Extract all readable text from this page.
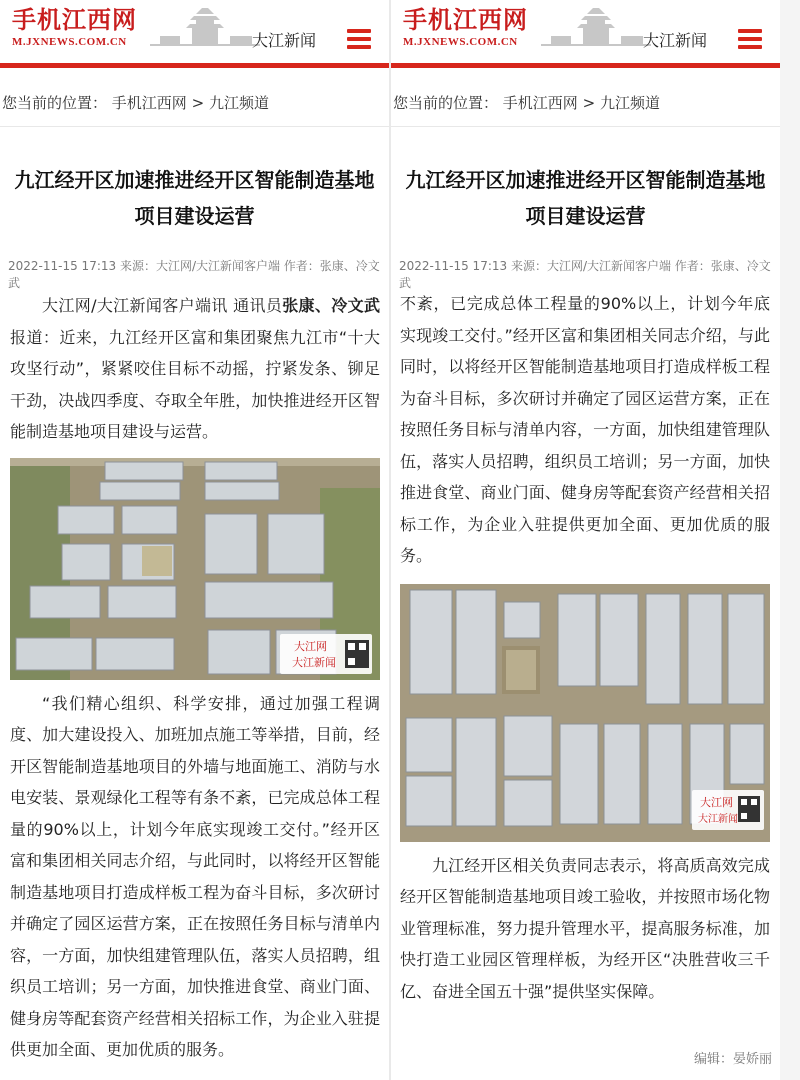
手机江西网
M.JXNEWS.COM.CN	大江新闻
您当前的位置： 手机江西网 > 九江频道
九江经开区加速推进经开区智能制造基地项目建设运营
2022-11-15 17:13 来源：大江网/大江新闻客户端 作者：张康、冷文武

大江网/大江新闻客户端讯 通讯员张康、冷文武报道：近来，九江经开区富和集团聚焦九江市“十大攻坚行动”，紧紧咬住目标不动摇，拧紧发条、铆足干劲，决战四季度、夺取全年胜，加快推进经开区智能制造基地项目建设与运营。

大江网
大江新闻

“我们精心组织、科学安排，通过加强工程调度、加大建设投入、加班加点施工等举措，目前，经开区智能制造基地项目的外墙与地面施工、消防与水电安装、景观绿化工程等有条不紊，已完成总体工程量的90%以上，计划今年底实现竣工交付。”经开区富和集团相关同志介绍，与此同时，以将经开区智能制造基地项目打造成样板工程为奋斗目标，多次研讨并确定了园区运营方案，正在按照任务目标与清单内容，一方面，加快组建管理队伍，落实人员招聘，组织员工培训；另一方面，加快推进食堂、商业门面、健身房等配套资产经营相关招标工作，为企业入驻提供更加全面、更加优质的服务。

手机江西网
M.JXNEWS.COM.CN	大江新闻
您当前的位置： 手机江西网 > 九江频道
九江经开区加速推进经开区智能制造基地项目建设运营
2022-11-15 17:13 来源：大江网/大江新闻客户端 作者：张康、冷文武

不紊，已完成总体工程量的90%以上，计划今年底实现竣工交付。”经开区富和集团相关同志介绍，与此同时，以将经开区智能制造基地项目打造成样板工程为奋斗目标，多次研讨并确定了园区运营方案，正在按照任务目标与清单内容，一方面，加快组建管理队伍，落实人员招聘，组织员工培训；另一方面，加快推进食堂、商业门面、健身房等配套资产经营相关招标工作，为企业入驻提供更加全面、更加优质的服务。

大江网
大江新闻

九江经开区相关负责同志表示，将高质高效完成经开区智能制造基地项目竣工验收，并按照市场化物业管理标准，努力提升管理水平，提高服务标准，加快打造工业园区管理样板，为经开区“决胜营收三千亿、奋进全国五十强”提供坚实保障。

编辑：晏娇丽
